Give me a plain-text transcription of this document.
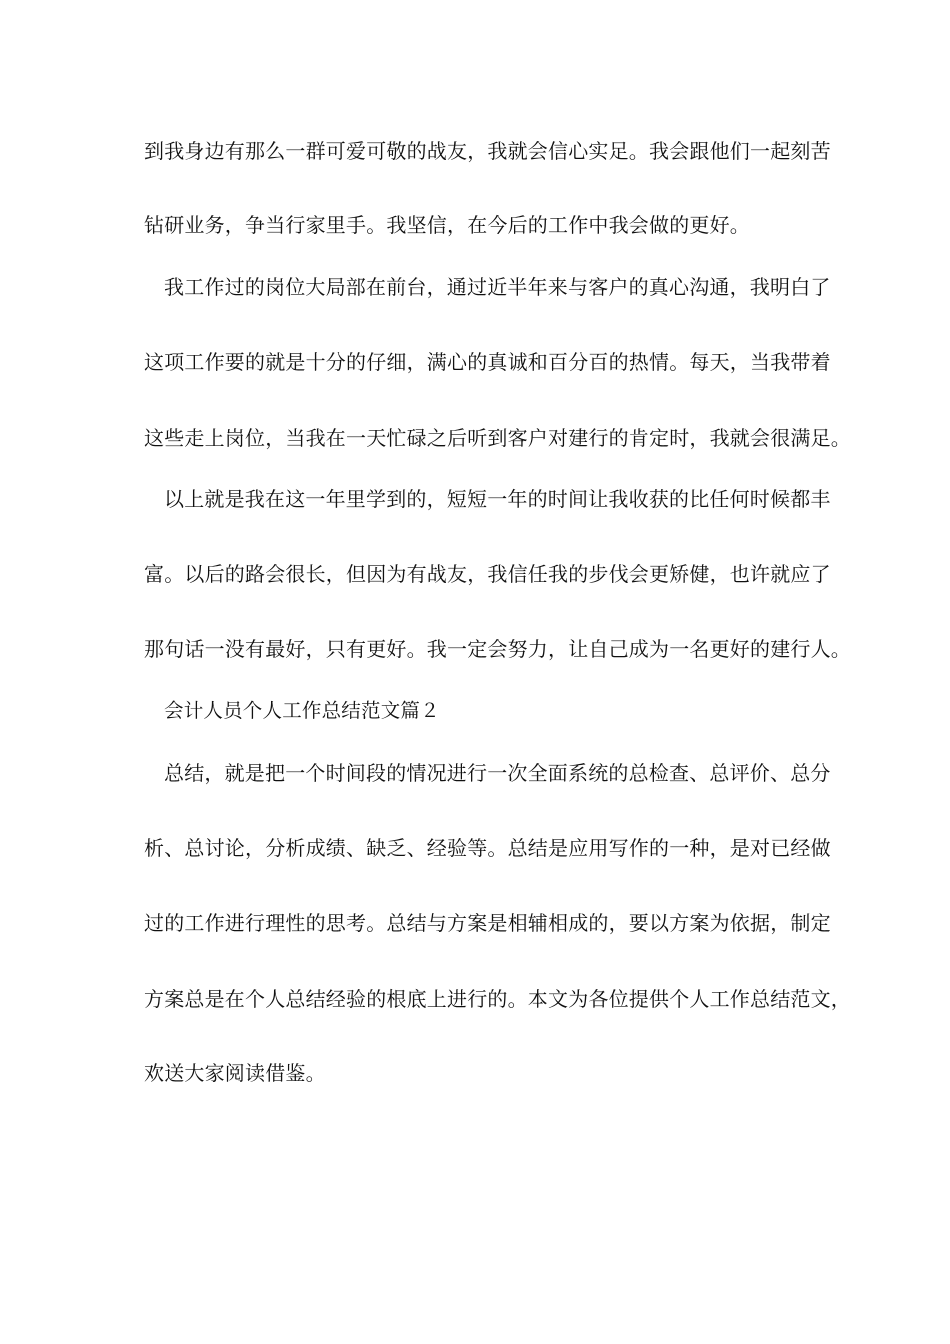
到我身边有那么一群可爱可敬的战友，我就会信心实足。我会跟他们一起刻苦
钻研业务，争当行家里手。我坚信，在今后的工作中我会做的更好。
我工作过的岗位大局部在前台，通过近半年来与客户的真心沟通，我明白了
这项工作要的就是十分的仔细，满心的真诚和百分百的热情。每天，当我带着
这些走上岗位，当我在一天忙碌之后听到客户对建行的肯定时，我就会很满足。
以上就是我在这一年里学到的，短短一年的时间让我收获的比任何时候都丰
富。以后的路会很长，但因为有战友，我信任我的步伐会更矫健，也许就应了
那句话一没有最好，只有更好。我一定会努力，让自己成为一名更好的建行人。
会计人员个人工作总结范文篇２
总结，就是把一个时间段的情况进行一次全面系统的总检查、总评价、总分
析、总讨论，分析成绩、缺乏、经验等。总结是应用写作的一种，是对已经做
过的工作进行理性的思考。总结与方案是相辅相成的，要以方案为依据，制定
方案总是在个人总结经验的根底上进行的。本文为各位提供个人工作总结范文，
欢送大家阅读借鉴。
